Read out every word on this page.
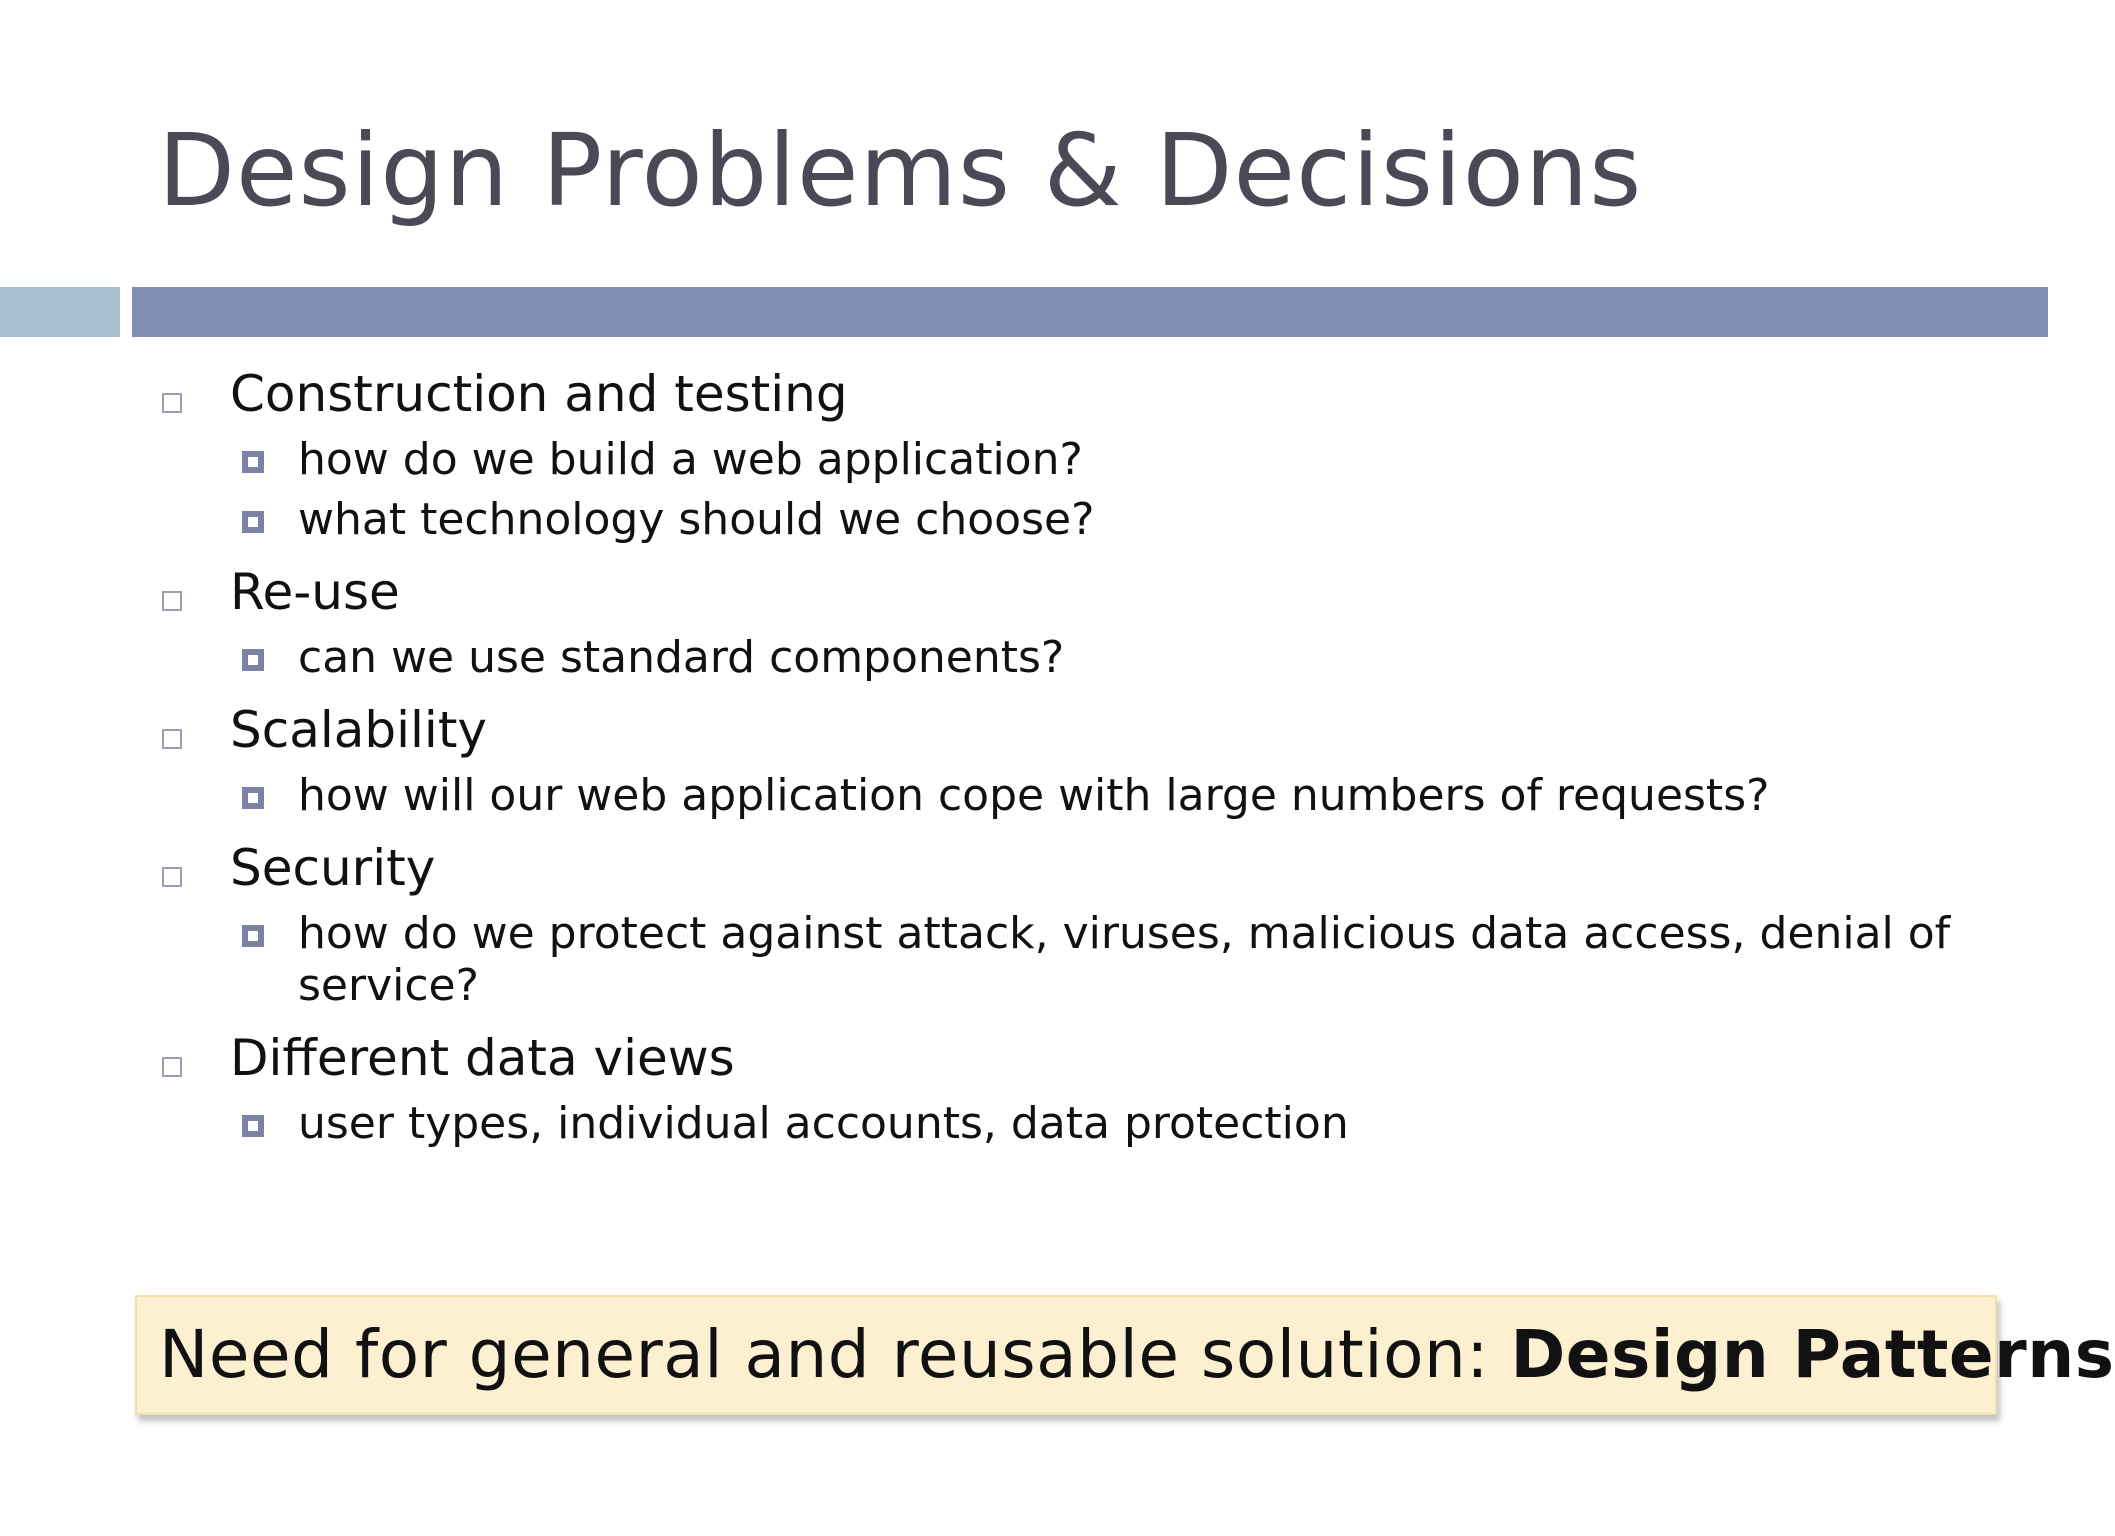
Design Problems & Decisions
Construction and testing
how do we build a web application?
what technology should we choose?
Re-use
can we use standard components?
Scalability
how will our web application cope with large numbers of requests?
Security
how do we protect against attack, viruses, malicious data access, denial of service?
Different data views
user types, individual accounts, data protection
Need for general and reusable solution: Design Patterns
